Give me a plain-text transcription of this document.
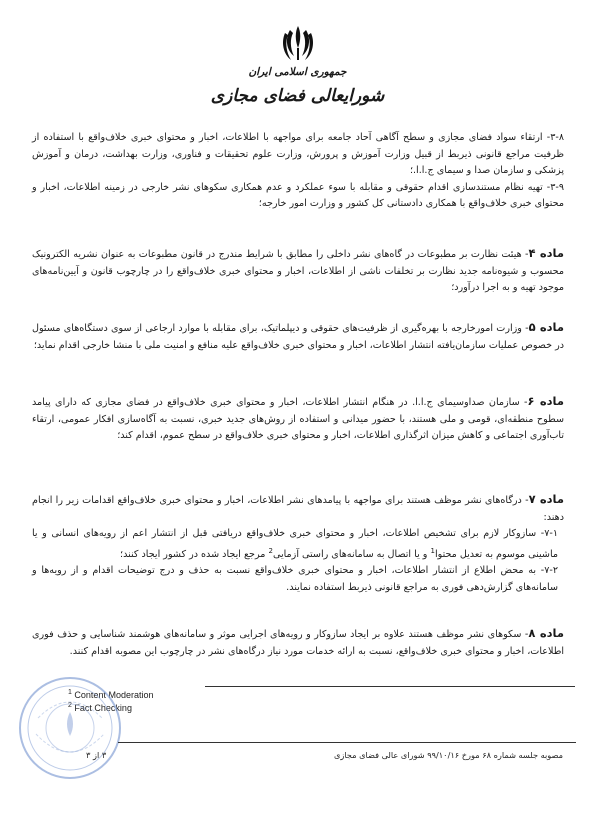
جمهوری اسلامی ایران
شورایعالی فضای مجازی

۳-۸- ارتقاء سواد فضای مجازی و سطح آگاهی آحاد جامعه برای مواجهه با اطلاعات، اخبار و محتوای خبری خلاف‌واقع با استفاده از ظرفیت مراجع قانونی ذیربط از قبیل وزارت آموزش و پرورش، وزارت علوم تحقیقات و فناوری، وزارت بهداشت، درمان و آموزش پزشکی و سازمان صدا و سیمای ج.ا.ا.؛

۳-۹- تهیه نظام مستندسازی اقدام حقوقی و مقابله با سوء عملکرد و عدم همکاری سکوهای نشر خارجی در زمینه اطلاعات، اخبار و محتوای خبری خلاف‌واقع با همکاری دادستانی کل کشور و وزارت امور خارجه؛

ماده ۴- هیئت نظارت بر مطبوعات در گاه‌های نشر داخلی را مطابق با شرایط مندرج در قانون مطبوعات به عنوان نشریه الکترونیک محسوب و شیوه‌نامه جدید نظارت بر تخلفات ناشی از اطلاعات، اخبار و محتوای خبری خلاف‌واقع را در چارچوب قانون و آیین‌نامه‌های موجود تهیه و به اجرا درآورد؛

ماده ۵- وزارت امورخارجه با بهره‌گیری از ظرفیت‌های حقوقی و دیپلماتیک، برای مقابله با موارد ارجاعی از سوی دستگاه‌های مسئول در خصوص عملیات سازمان‌یافته انتشار اطلاعات، اخبار و محتوای خبری خلاف‌واقع علیه منافع و امنیت ملی با منشا خارجی اقدام نماید؛

ماده ۶- سازمان صداوسیمای ج.ا.ا. در هنگام انتشار اطلاعات، اخبار و محتوای خبری خلاف‌واقع در فضای مجازی که دارای پیامد سطوح منطقه‌ای، قومی و ملی هستند، با حضور میدانی و استفاده از روش‌های جدید خبری، نسبت به آگاه‌سازی افکار عمومی، ارتقاء تاب‌آوری اجتماعی و کاهش میزان اثرگذاری اطلاعات، اخبار و محتوای خبری خلاف‌واقع در سطح عموم، اقدام کند؛

ماده ۷- درگاه‌های نشر موظف هستند برای مواجهه با پیامدهای نشر اطلاعات، اخبار و محتوای خبری خلاف‌واقع اقدامات زیر را انجام دهند:

۷-۱- سازوکار لازم برای تشخیص اطلاعات، اخبار و محتوای خبری خلاف‌واقع دریافتی قبل از انتشار اعم از رویه‌های انسانی و یا ماشینی موسوم به تعدیل محتوا$^1$ و یا اتصال به سامانه‌های راستی آزمایی$^2$ مرجع ایجاد شده در کشور ایجاد کنند؛

۷-۲- به محض اطلاع از انتشار اطلاعات، اخبار و محتوای خبری خلاف‌واقع نسبت به حذف و درج توضیحات اقدام و از رویه‌ها و سامانه‌های گزارش‌دهی فوری به مراجع قانونی ذیربط استفاده نمایند.

ماده ۸- سکوهای نشر موظف هستند علاوه بر ایجاد سازوکار و رویه‌های اجرایی موثر و سامانه‌های هوشمند شناسایی و حذف فوری اطلاعات، اخبار و محتوای خبری خلاف‌واقع، نسبت به ارائه خدمات مورد نیاز درگاه‌های نشر در چارچوب این مصوبه اقدام کنند.

$^1$ Content Moderation
$^2$ Fact Checking
مصوبه جلسه شماره ۶۸ مورخ ۹۹/۱۰/۱۶ شورای عالی فضای مجازی
۳ از ۳
